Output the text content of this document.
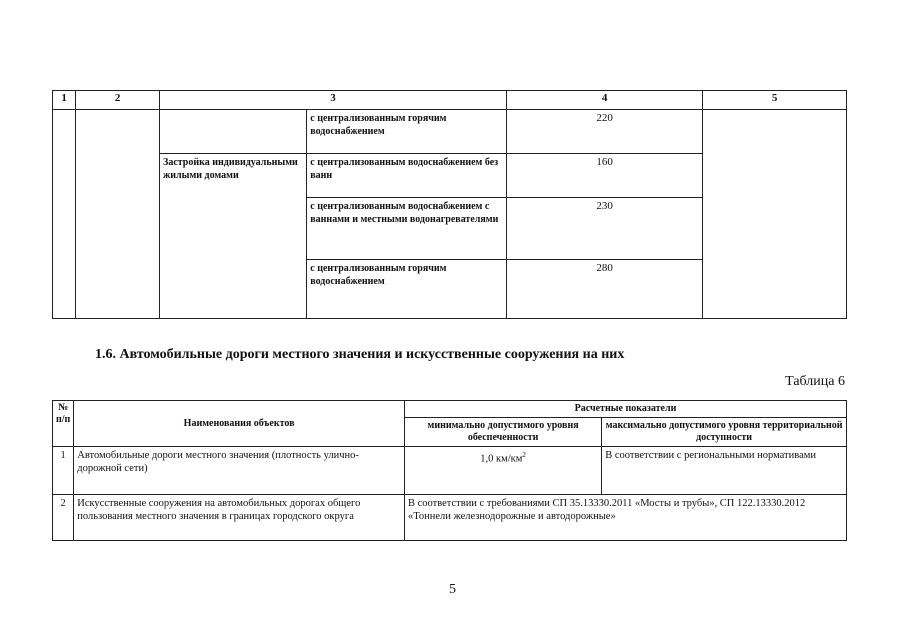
1	2	3		4	5
			с централизованным горячим водоснабжением	220	
		Застройка индивидуальными жилыми домами	с централизованным водоснабжением без ванн	160	
			с централизованным водоснабжением с ваннами и местными водонагревателями	230	
			с централизованным горячим водоснабжением	280	
1.6. Автомобильные дороги местного значения и искусственные сооружения на них
Таблица 6
№ п/п	Наименования объектов	Расчетные показатели	
		минимально допустимого уровня обеспеченности	максимально допустимого уровня территориальной доступности
1	Автомобильные дороги местного значения (плотность улично-дорожной сети)	1,0 $км/км^2$	В соответствии с региональными нормативами
2	Искусственные сооружения на автомобильных дорогах общего пользования местного значения в границах городского округа	В соответствии с требованиями СП 35.13330.2011 «Мосты и трубы», СП 122.13330.2012 «Тоннели железнодорожные и автодорожные»	
5
